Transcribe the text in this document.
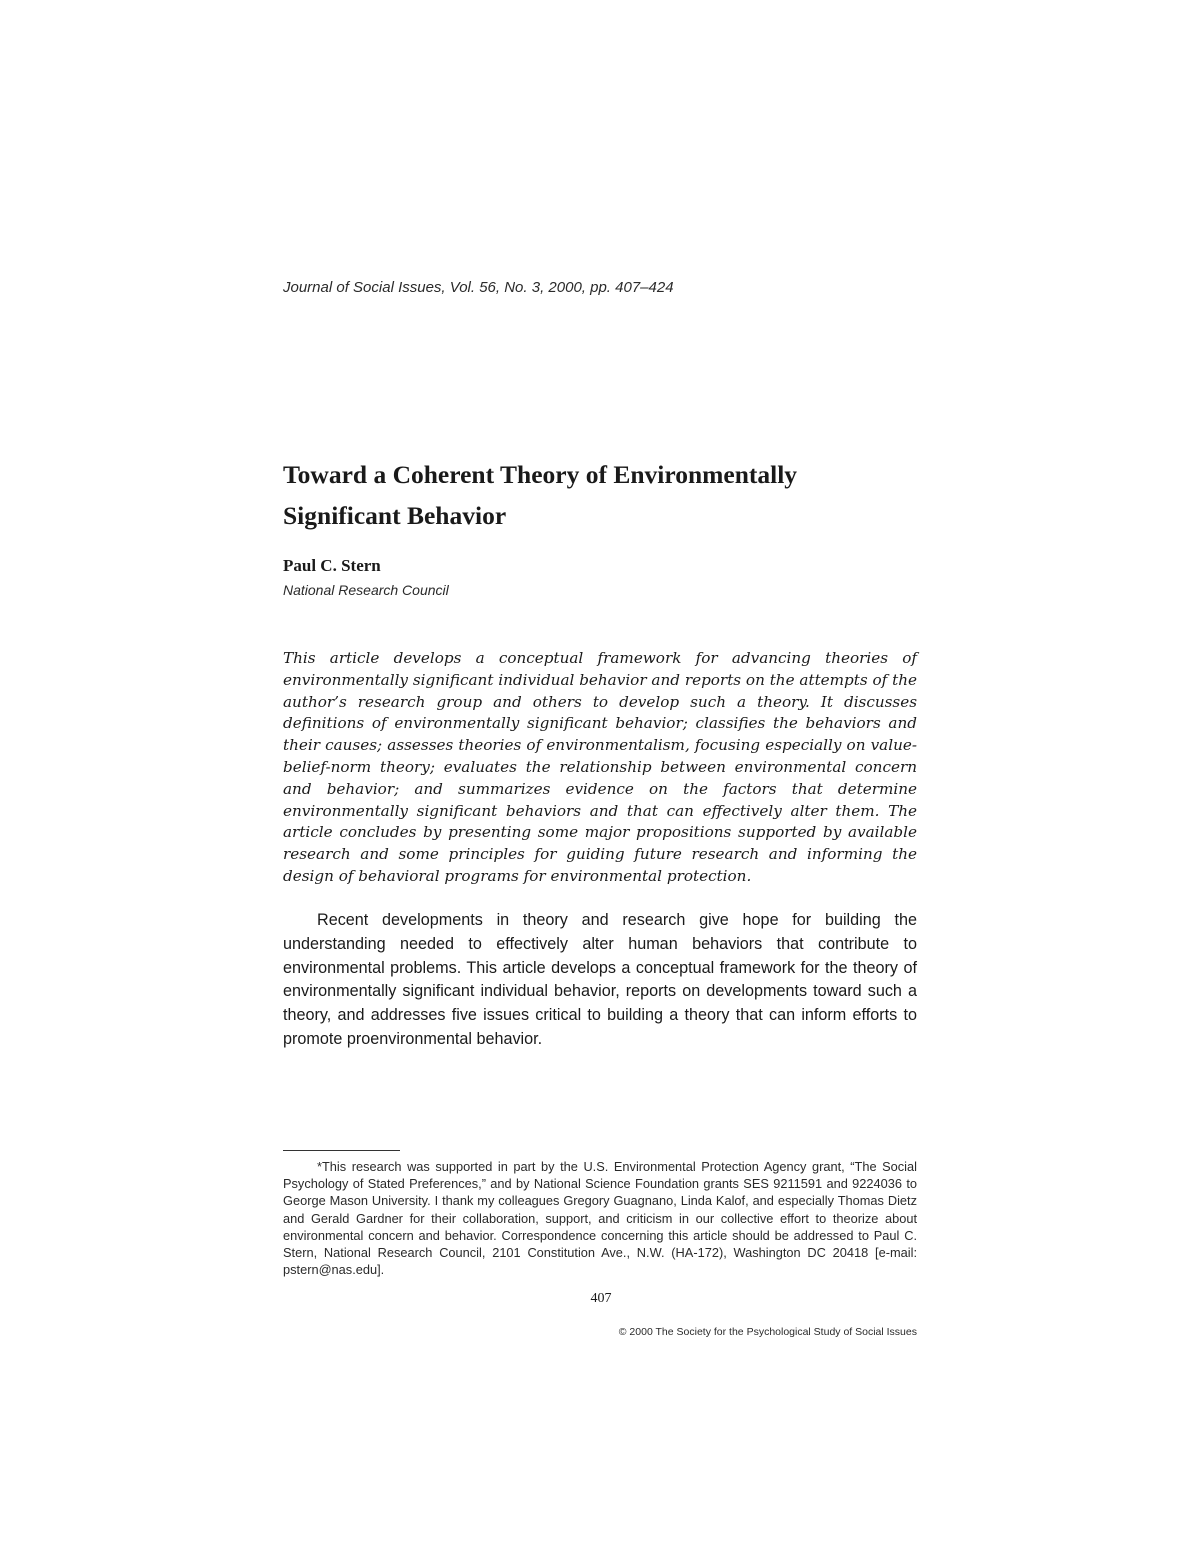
Journal of Social Issues, Vol. 56, No. 3, 2000, pp. 407–424
Toward a Coherent Theory of Environmentally
Significant Behavior
Paul C. Stern
National Research Council

This article develops a conceptual framework for advancing theories of environmentally significant individual behavior and reports on the attempts of the author’s research group and others to develop such a theory. It discusses definitions of environmentally significant behavior; classifies the behaviors and their causes; assesses theories of environmentalism, focusing especially on value-belief-norm theory; evaluates the relationship between environmental concern and behavior; and summarizes evidence on the factors that determine environmentally significant behaviors and that can effectively alter them. The article concludes by presenting some major propositions supported by available research and some principles for guiding future research and informing the design of behavioral programs for environmental protection.

Recent developments in theory and research give hope for building the understanding needed to effectively alter human behaviors that contribute to environmental problems. This article develops a conceptual framework for the theory of environmentally significant individual behavior, reports on developments toward such a theory, and addresses five issues critical to building a theory that can inform efforts to promote proenvironmental behavior.

*This research was supported in part by the U.S. Environmental Protection Agency grant, “The Social Psychology of Stated Preferences,” and by National Science Foundation grants SES 9211591 and 9224036 to George Mason University. I thank my colleagues Gregory Guagnano, Linda Kalof, and especially Thomas Dietz and Gerald Gardner for their collaboration, support, and criticism in our collective effort to theorize about environmental concern and behavior. Correspondence concerning this article should be addressed to Paul C. Stern, National Research Council, 2101 Constitution Ave., N.W. (HA-172), Washington DC 20418 [e-mail: pstern@nas.edu].

407
© 2000 The Society for the Psychological Study of Social Issues
